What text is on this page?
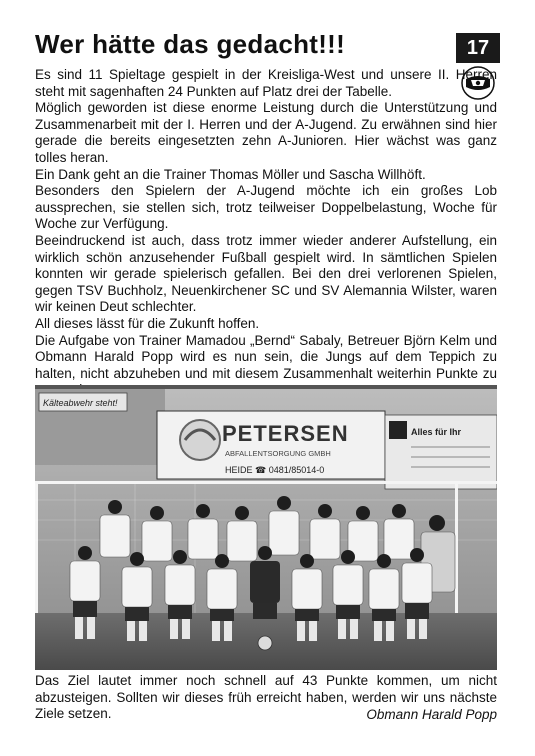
Wer hätte das gedacht!!!	17

Es sind 11 Spieltage gespielt in der Kreisliga-West und unsere II. Herren steht mit sagenhaften 24 Punkten auf Platz drei der Tabelle.

Möglich geworden ist diese enorme Leistung durch die Unterstützung und Zusammenarbeit mit der I. Herren und der A-Jugend. Zu erwähnen sind hier gerade die bereits eingesetzten zehn A-Junioren. Hier wächst was ganz tolles heran.

Ein Dank geht an die Trainer Thomas Möller und Sascha Willhöft.

Besonders den Spielern der A-Jugend möchte ich ein großes Lob aussprechen, sie stellen sich, trotz teilweiser Doppelbelastung, Woche für Woche zur Verfügung.

Beeindruckend ist auch, dass trotz immer wieder anderer Aufstellung, ein wirklich schön anzusehender Fußball gespielt wird. In sämtlichen Spielen konnten wir gerade spielerisch gefallen. Bei den drei verlorenen Spielen, gegen TSV Buchholz, Neuenkirchener SC und SV Alemannia Wilster, waren wir keinen Deut schlechter.

All dieses lässt für die Zukunft hoffen.

Die Aufgabe von Trainer Mamadou „Bernd“ Sabaly, Betreuer Björn Kelm und Obmann Harald Popp wird es nun sein, die Jungs auf dem Teppich zu halten, nicht abzuheben und mit diesem Zusammenhalt weiterhin Punkte zu

Kälteabwehr steht!
PETERSEN
ABFALLENTSORGUNG GMBH
HEIDE ☎ 0481/85014-0
Alles für Ihr
Das Ziel lautet immer noch schnell auf 43 Punkte kommen, um nicht abzusteigen. Sollten wir dieses früh erreicht haben, werden wir uns nächste Ziele setzen.	Obmann Harald Popp
